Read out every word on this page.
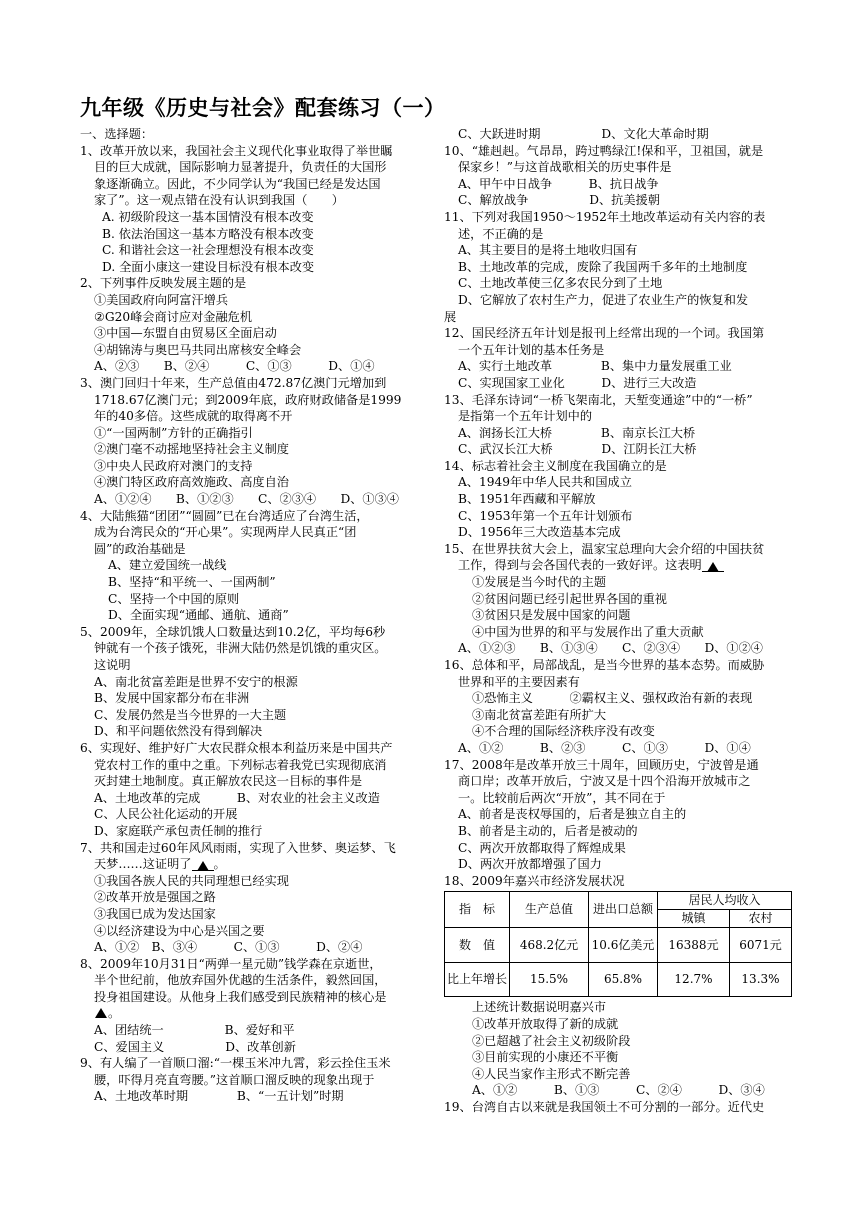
九年级《历史与社会》配套练习（一）
一、选择题：
1、改革开放以来，我国社会主义现代化事业取得了举世瞩
目的巨大成就，国际影响力显著提升，负责任的大国形
象逐渐确立。因此，不少同学认为“我国已经是发达国
家了”。这一观点错在没有认识到我国（　　）
A. 初级阶段这一基本国情没有根本改变
B. 依法治国这一基本方略没有根本改变
C. 和谐社会这一社会理想没有根本改变
D. 全面小康这一建设目标没有根本改变
2、下列事件反映发展主题的是
①美国政府向阿富汗增兵
②G20峰会商讨应对金融危机
③中国—东盟自由贸易区全面启动
④胡锦涛与奥巴马共同出席核安全峰会
A、②③　　B、②④　　　C、①③　　　D、①④
3、澳门回归十年来，生产总值由472.87亿澳门元增加到
1718.67亿澳门元；到2009年底，政府财政储备是1999
年的40多倍。这些成就的取得离不开
①“一国两制”方针的正确指引
②澳门毫不动摇地坚持社会主义制度
③中央人民政府对澳门的支持
④澳门特区政府高效施政、高度自治
A、①②④　　B、①②③　　C、②③④　　D、①③④
4、大陆熊猫“团团”“圆圆”已在台湾适应了台湾生活，
成为台湾民众的“开心果”。实现两岸人民真正“团
圆”的政治基础是
A、建立爱国统一战线
B、坚持“和平统一、一国两制”
C、坚持一个中国的原则
D、全面实现“通邮、通航、通商”
5、2009年，全球饥饿人口数量达到10.2亿，平均每6秒
钟就有一个孩子饿死，非洲大陆仍然是饥饿的重灾区。
这说明
A、南北贫富差距是世界不安宁的根源
B、发展中国家都分布在非洲
C、发展仍然是当今世界的一大主题
D、和平问题依然没有得到解决
6、实现好、维护好广大农民群众根本利益历来是中国共产
党农村工作的重中之重。下列标志着我党已实现彻底消
灭封建土地制度。真正解放农民这一目标的事件是
A、土地改革的完成　　　B、对农业的社会主义改造
C、人民公社化运动的开展
D、家庭联产承包责任制的推行
7、共和国走过60年风风雨雨，实现了入世梦、奥运梦、飞
天梦……这证明了 。
①我国各族人民的共同理想已经实现
②改革开放是强国之路
③我国已成为发达国家
④以经济建设为中心是兴国之要
A、①②　B、③④　　　C、①③　　　D、②④
8、2009年10月31日“两弹一星元勋”钱学森在京逝世，
半个世纪前，他放弃国外优越的生活条件，毅然回国，
投身祖国建设。从他身上我们感受到民族精神的核心是
。
A、团结统一　　　　　B、爱好和平
C、爱国主义　　　　　D、改革创新
9、有人编了一首顺口溜:“一棵玉米冲九霄，彩云拴住玉米
腰，吓得月亮直弯腰。”这首顺口溜反映的现象出现于
A、土地改革时期　　　　B、“一五计划”时期
C、大跃进时期　　　　　D、文化大革命时期
10、“雄赳赳。气昂昂，跨过鸭绿江!保和平，卫祖国，就是
保家乡！”与这首战歌相关的历史事件是
A、甲午中日战争　　　B、抗日战争
C、解放战争　　　　　D、抗美援朝
11、下列对我国1950～1952年土地改革运动有关内容的表
述，不正确的是
A、其主要目的是将土地收归国有
B、土地改革的完成，废除了我国两千多年的土地制度
C、土地改革使三亿多农民分到了土地
D、它解放了农村生产力，促进了农业生产的恢复和发
展
12、国民经济五年计划是报刊上经常出现的一个词。我国第
一个五年计划的基本任务是
A、实行土地改革　　　　B、集中力量发展重工业
C、实现国家工业化　　　D、进行三大改造
13、毛泽东诗词“一桥飞架南北，天堑变通途”中的“一桥”
是指第一个五年计划中的
A、润扬长江大桥　　　　B、南京长江大桥
C、武汉长江大桥　　　　D、江阴长江大桥
14、标志着社会主义制度在我国确立的是
A、1949年中华人民共和国成立
B、1951年西藏和平解放
C、1953年第一个五年计划颁布
D、1956年三大改造基本完成
15、在世界扶贫大会上，温家宝总理向大会介绍的中国扶贫
工作，得到与会各国代表的一致好评。这表明
①发展是当今时代的主题
②贫困问题已经引起世界各国的重视
③贫困只是发展中国家的问题
④中国为世界的和平与发展作出了重大贡献
A、①②③　　B、①③④　　C、②③④　　D、①②④
16、总体和平，局部战乱，是当今世界的基本态势。而威胁
世界和平的主要因素有
①恐怖主义　　　②霸权主义、强权政治有新的表现
③南北贫富差距有所扩大
④不合理的国际经济秩序没有改变
A、①②　　　B、②③　　　C、①③　　　D、①④
17、2008年是改革开放三十周年，回顾历史，宁波曾是通
商口岸；改革开放后，宁波又是十四个沿海开放城市之
一。比较前后两次“开放”，其不同在于
A、前者是丧权辱国的，后者是独立自主的
B、前者是主动的，后者是被动的
C、两次开放都取得了辉煌成果
D、两次开放都增强了国力
18、2009年嘉兴市经济发展状况
指　标	生产总值	进出口总额	居民人均收入	
			城镇	农村
数　值	468.2亿元	10.6亿美元	16388元	6071元
比上年增长	15.5%	65.8%	12.7%	13.3%
上述统计数据说明嘉兴市
①改革开放取得了新的成就
②已超越了社会主义初级阶段
③目前实现的小康还不平衡
④人民当家作主形式不断完善
A、①②　　　B、①③　　　C、②④　　　D、③④
19、台湾自古以来就是我国领土不可分割的一部分。近代史
